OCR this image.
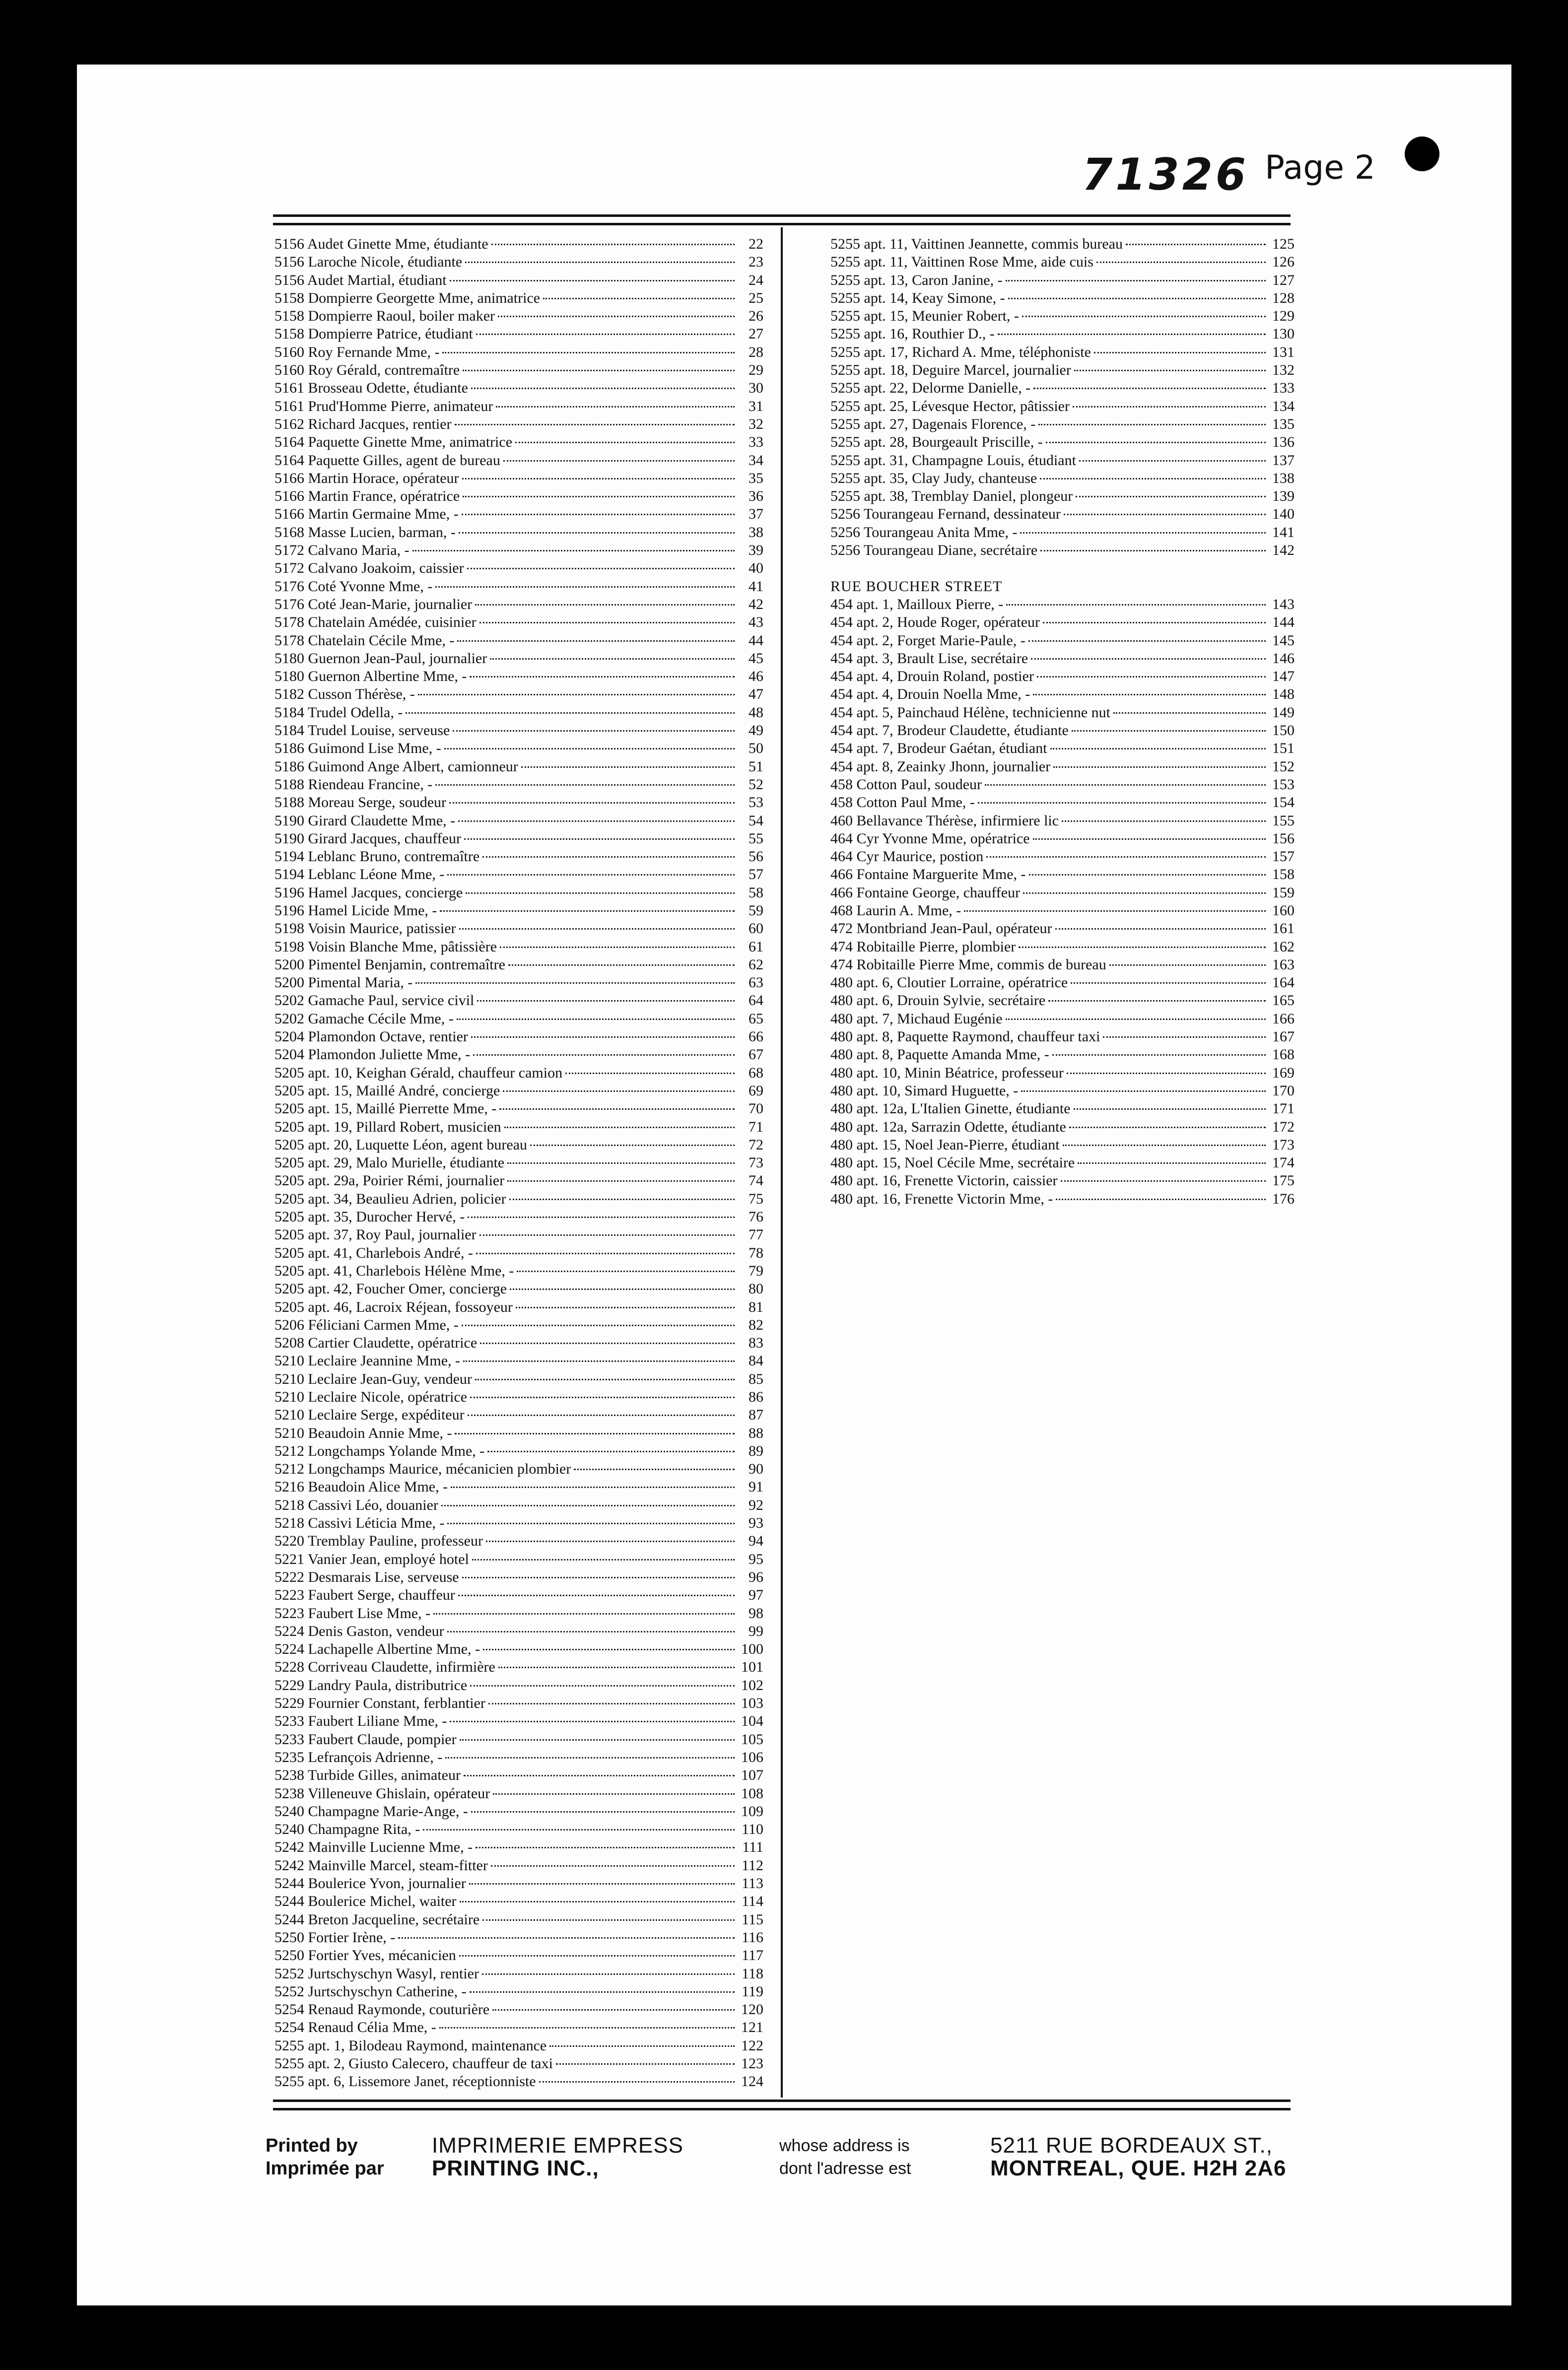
71326 Page 2
5156 Audet Ginette Mme, étudiante	22
5156 Laroche Nicole, étudiante	23
5156 Audet Martial, étudiant	24
5158 Dompierre Georgette Mme, animatrice	25
5158 Dompierre Raoul, boiler maker	26
5158 Dompierre Patrice, étudiant	27
5160 Roy Fernande Mme, -	28
5160 Roy Gérald, contremaître	29
5161 Brosseau Odette, étudiante	30
5161 Prud'Homme Pierre, animateur	31
5162 Richard Jacques, rentier	32
5164 Paquette Ginette Mme, animatrice	33
5164 Paquette Gilles, agent de bureau	34
5166 Martin Horace, opérateur	35
5166 Martin France, opératrice	36
5166 Martin Germaine Mme, -	37
5168 Masse Lucien, barman, -	38
5172 Calvano Maria, -	39
5172 Calvano Joakoim, caissier	40
5176 Coté Yvonne Mme, -	41
5176 Coté Jean-Marie, journalier	42
5178 Chatelain Amédée, cuisinier	43
5178 Chatelain Cécile Mme, -	44
5180 Guernon Jean-Paul, journalier	45
5180 Guernon Albertine Mme, -	46
5182 Cusson Thérèse, -	47
5184 Trudel Odella, -	48
5184 Trudel Louise, serveuse	49
5186 Guimond Lise Mme, -	50
5186 Guimond Ange Albert, camionneur	51
5188 Riendeau Francine, -	52
5188 Moreau Serge, soudeur	53
5190 Girard Claudette Mme, -	54
5190 Girard Jacques, chauffeur	55
5194 Leblanc Bruno, contremaître	56
5194 Leblanc Léone Mme, -	57
5196 Hamel Jacques, concierge	58
5196 Hamel Licide Mme, -	59
5198 Voisin Maurice, patissier	60
5198 Voisin Blanche Mme, pâtissière	61
5200 Pimentel Benjamin, contremaître	62
5200 Pimental Maria, -	63
5202 Gamache Paul, service civil	64
5202 Gamache Cécile Mme, -	65
5204 Plamondon Octave, rentier	66
5204 Plamondon Juliette Mme, -	67
5205 apt. 10, Keighan Gérald, chauffeur camion	68
5205 apt. 15, Maillé André, concierge	69
5205 apt. 15, Maillé Pierrette Mme, -	70
5205 apt. 19, Pillard Robert, musicien	71
5205 apt. 20, Luquette Léon, agent bureau	72
5205 apt. 29, Malo Murielle, étudiante	73
5205 apt. 29a, Poirier Rémi, journalier	74
5205 apt. 34, Beaulieu Adrien, policier	75
5205 apt. 35, Durocher Hervé, -	76
5205 apt. 37, Roy Paul, journalier	77
5205 apt. 41, Charlebois André, -	78
5205 apt. 41, Charlebois Hélène Mme, -	79
5205 apt. 42, Foucher Omer, concierge	80
5205 apt. 46, Lacroix Réjean, fossoyeur	81
5206 Féliciani Carmen Mme, -	82
5208 Cartier Claudette, opératrice	83
5210 Leclaire Jeannine Mme, -	84
5210 Leclaire Jean-Guy, vendeur	85
5210 Leclaire Nicole, opératrice	86
5210 Leclaire Serge, expéditeur	87
5210 Beaudoin Annie Mme, -	88
5212 Longchamps Yolande Mme, -	89
5212 Longchamps Maurice, mécanicien plombier	90
5216 Beaudoin Alice Mme, -	91
5218 Cassivi Léo, douanier	92
5218 Cassivi Léticia Mme, -	93
5220 Tremblay Pauline, professeur	94
5221 Vanier Jean, employé hotel	95
5222 Desmarais Lise, serveuse	96
5223 Faubert Serge, chauffeur	97
5223 Faubert Lise Mme, -	98
5224 Denis Gaston, vendeur	99
5224 Lachapelle Albertine Mme, -	100
5228 Corriveau Claudette, infirmière	101
5229 Landry Paula, distributrice	102
5229 Fournier Constant, ferblantier	103
5233 Faubert Liliane Mme, -	104
5233 Faubert Claude, pompier	105
5235 Lefrançois Adrienne, -	106
5238 Turbide Gilles, animateur	107
5238 Villeneuve Ghislain, opérateur	108
5240 Champagne Marie-Ange, -	109
5240 Champagne Rita, -	110
5242 Mainville Lucienne Mme, -	111
5242 Mainville Marcel, steam-fitter	112
5244 Boulerice Yvon, journalier	113
5244 Boulerice Michel, waiter	114
5244 Breton Jacqueline, secrétaire	115
5250 Fortier Irène, -	116
5250 Fortier Yves, mécanicien	117
5252 Jurtschyschyn Wasyl, rentier	118
5252 Jurtschyschyn Catherine, -	119
5254 Renaud Raymonde, couturière	120
5254 Renaud Célia Mme, -	121
5255 apt. 1, Bilodeau Raymond, maintenance	122
5255 apt. 2, Giusto Calecero, chauffeur de taxi	123
5255 apt. 6, Lissemore Janet, réceptionniste	124
5255 apt. 11, Vaittinen Jeannette, commis bureau	125
5255 apt. 11, Vaittinen Rose Mme, aide cuis	126
5255 apt. 13, Caron Janine, -	127
5255 apt. 14, Keay Simone, -	128
5255 apt. 15, Meunier Robert, -	129
5255 apt. 16, Routhier D., -	130
5255 apt. 17, Richard A. Mme, téléphoniste	131
5255 apt. 18, Deguire Marcel, journalier	132
5255 apt. 22, Delorme Danielle, -	133
5255 apt. 25, Lévesque Hector, pâtissier	134
5255 apt. 27, Dagenais Florence, -	135
5255 apt. 28, Bourgeault Priscille, -	136
5255 apt. 31, Champagne Louis, étudiant	137
5255 apt. 35, Clay Judy, chanteuse	138
5255 apt. 38, Tremblay Daniel, plongeur	139
5256 Tourangeau Fernand, dessinateur	140
5256 Tourangeau Anita Mme, -	141
5256 Tourangeau Diane, secrétaire	142
RUE BOUCHER STREET
454 apt. 1, Mailloux Pierre, -	143
454 apt. 2, Houde Roger, opérateur	144
454 apt. 2, Forget Marie-Paule, -	145
454 apt. 3, Brault Lise, secrétaire	146
454 apt. 4, Drouin Roland, postier	147
454 apt. 4, Drouin Noella Mme, -	148
454 apt. 5, Painchaud Hélène, technicienne nut	149
454 apt. 7, Brodeur Claudette, étudiante	150
454 apt. 7, Brodeur Gaétan, étudiant	151
454 apt. 8, Zeainky Jhonn, journalier	152
458 Cotton Paul, soudeur	153
458 Cotton Paul Mme, -	154
460 Bellavance Thérèse, infirmiere lic	155
464 Cyr Yvonne Mme, opératrice	156
464 Cyr Maurice, postion	157
466 Fontaine Marguerite Mme, -	158
466 Fontaine George, chauffeur	159
468 Laurin A. Mme, -	160
472 Montbriand Jean-Paul, opérateur	161
474 Robitaille Pierre, plombier	162
474 Robitaille Pierre Mme, commis de bureau	163
480 apt. 6, Cloutier Lorraine, opératrice	164
480 apt. 6, Drouin Sylvie, secrétaire	165
480 apt. 7, Michaud Eugénie	166
480 apt. 8, Paquette Raymond, chauffeur taxi	167
480 apt. 8, Paquette Amanda Mme, -	168
480 apt. 10, Minin Béatrice, professeur	169
480 apt. 10, Simard Huguette, -	170
480 apt. 12a, L'Italien Ginette, étudiante	171
480 apt. 12a, Sarrazin Odette, étudiante	172
480 apt. 15, Noel Jean-Pierre, étudiant	173
480 apt. 15, Noel Cécile Mme, secrétaire	174
480 apt. 16, Frenette Victorin, caissier	175
480 apt. 16, Frenette Victorin Mme, -	176
Printed by
Imprimée par
IMPRIMERIE EMPRESS
PRINTING INC.,
whose address is
dont l'adresse est
5211 RUE BORDEAUX ST.,
MONTREAL, QUE. H2H 2A6
